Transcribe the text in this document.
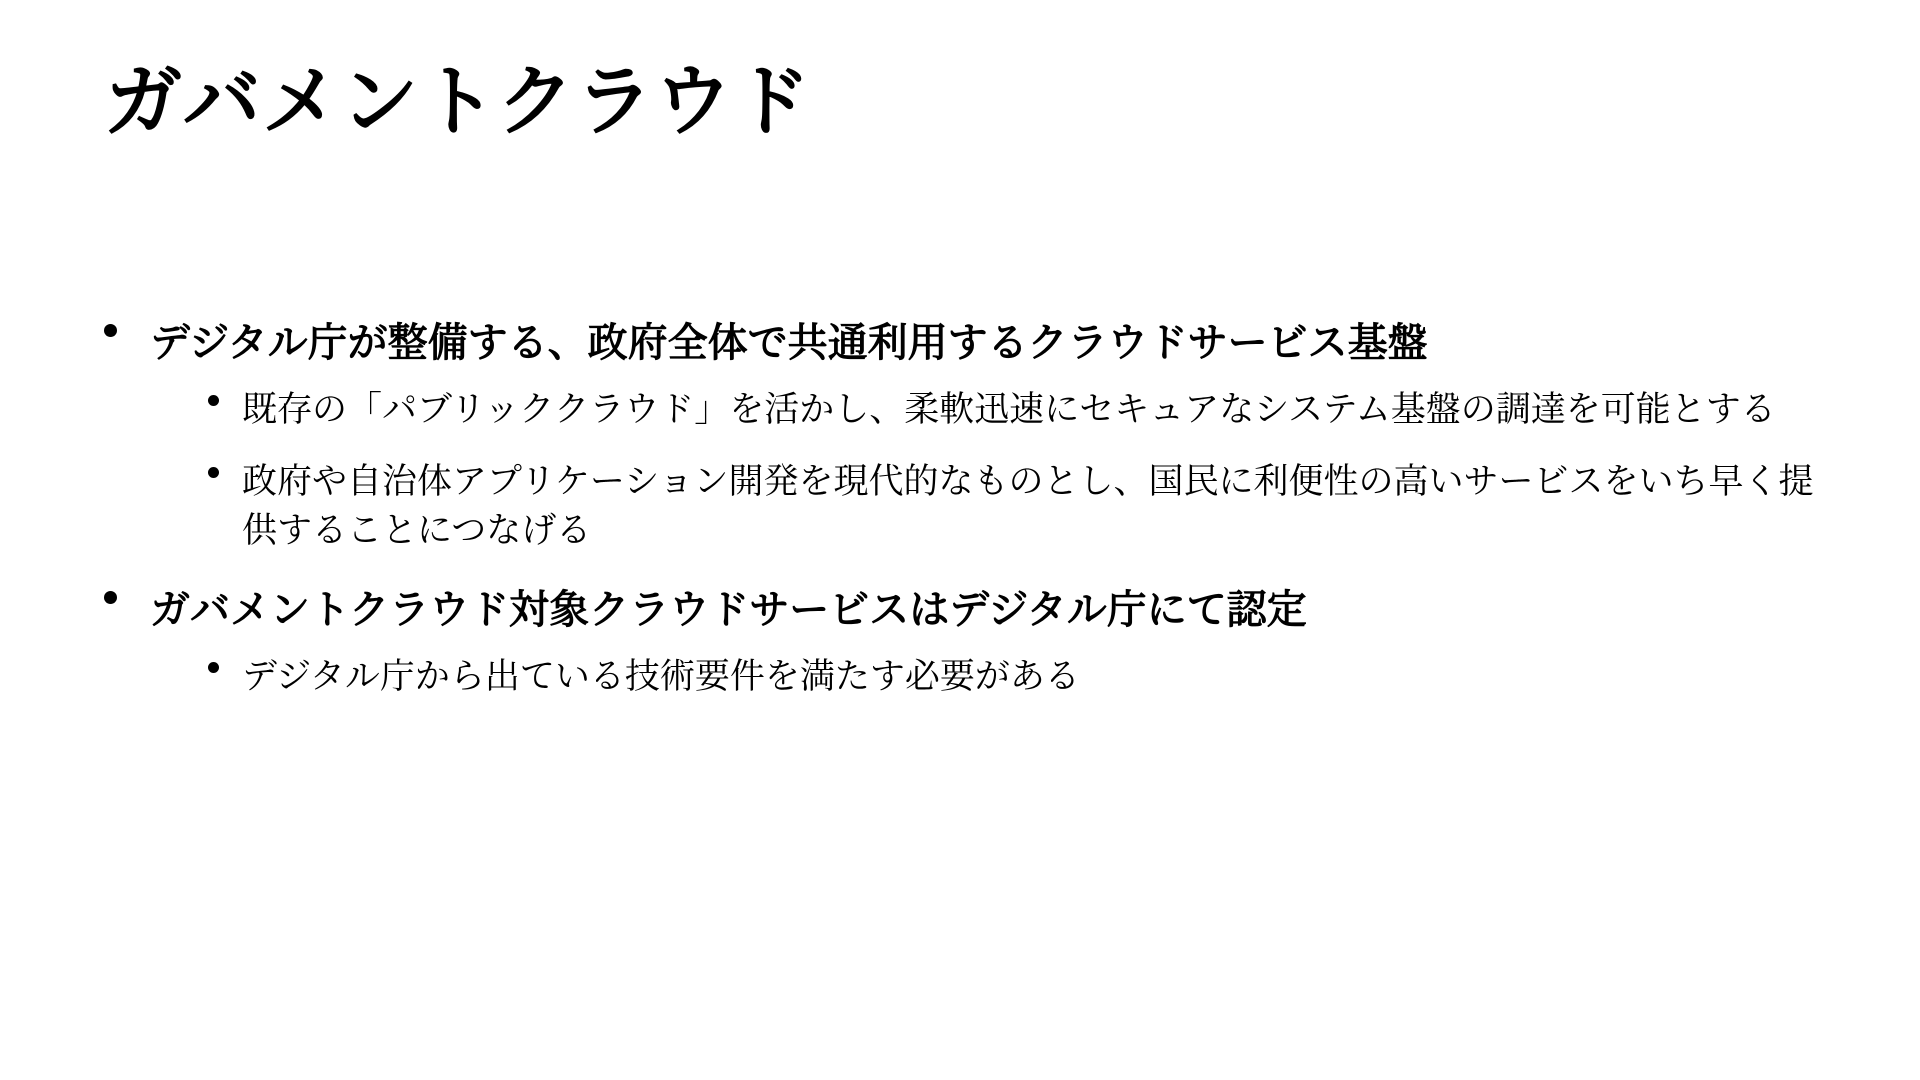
ガバメントクラウド
デジタル庁が整備する、政府全体で共通利用するクラウドサービス基盤
既存の「パブリッククラウド」を活かし、柔軟迅速にセキュアなシステム基盤の調達を可能とする
政府や自治体アプリケーション開発を現代的なものとし、国民に利便性の高いサービスをいち早く提供することにつなげる
ガバメントクラウド対象クラウドサービスはデジタル庁にて認定
デジタル庁から出ている技術要件を満たす必要がある
